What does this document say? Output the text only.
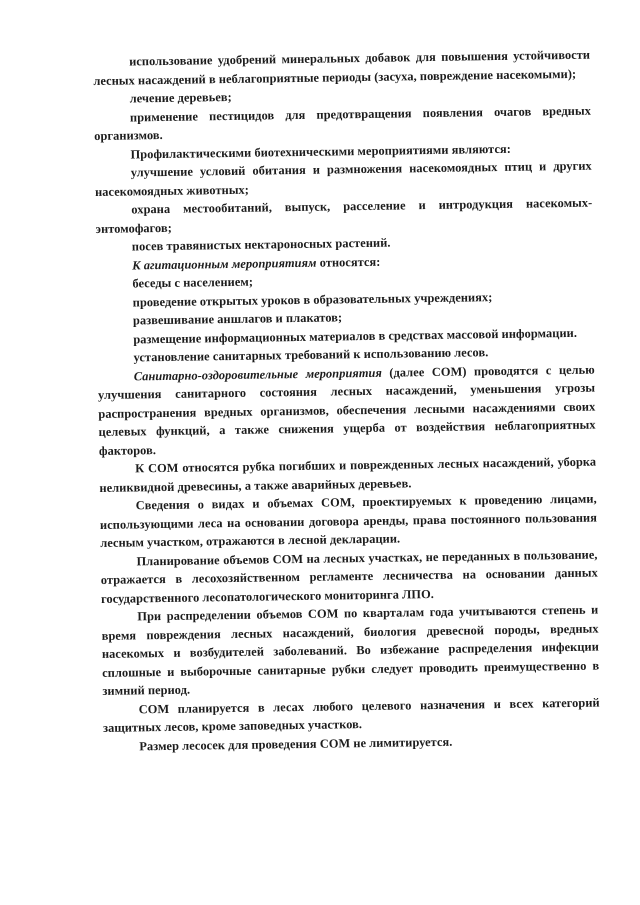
использование удобрений минеральных добавок для повышения устойчивости лесных насаждений в неблагоприятные периоды (засуха, повреждение насекомыми);

лечение деревьев;

применение пестицидов для предотвращения появления очагов вредных организмов.

Профилактическими биотехническими мероприятиями являются:

улучшение условий обитания и размножения насекомоядных птиц и других насекомоядных животных;

охрана местообитаний, выпуск, расселение и интродукция насекомых-энтомофагов;

посев травянистых нектароносных растений.

К агитационным мероприятиям относятся:

беседы с населением;

проведение открытых уроков в образовательных учреждениях;

развешивание аншлагов и плакатов;

размещение информационных материалов в средствах массовой информации.

установление санитарных требований к использованию лесов.

Санитарно-оздоровительные мероприятия (далее СОМ) проводятся с целью улучшения санитарного состояния лесных насаждений, уменьшения угрозы распространения вредных организмов, обеспечения лесными насаждениями своих целевых функций, а также снижения ущерба от воздействия неблагоприятных факторов.

К СОМ относятся рубка погибших и поврежденных лесных насаждений, уборка неликвидной древесины, а также аварийных деревьев.

Сведения о видах и объемах СОМ, проектируемых к проведению лицами, использующими леса на основании договора аренды, права постоянного пользования лесным участком, отражаются в лесной декларации.

Планирование объемов СОМ на лесных участках, не переданных в пользование, отражается в лесохозяйственном регламенте лесничества на основании данных государственного лесопатологического мониторинга ЛПО.

При распределении объемов СОМ по кварталам года учитываются степень и время повреждения лесных насаждений, биология древесной породы, вредных насекомых и возбудителей заболеваний. Во избежание распределения инфекции сплошные и выборочные санитарные рубки следует проводить преимущественно в зимний период.

СОМ планируется в лесах любого целевого назначения и всех категорий защитных лесов, кроме заповедных участков.

Размер лесосек для проведения СОМ не лимитируется.
